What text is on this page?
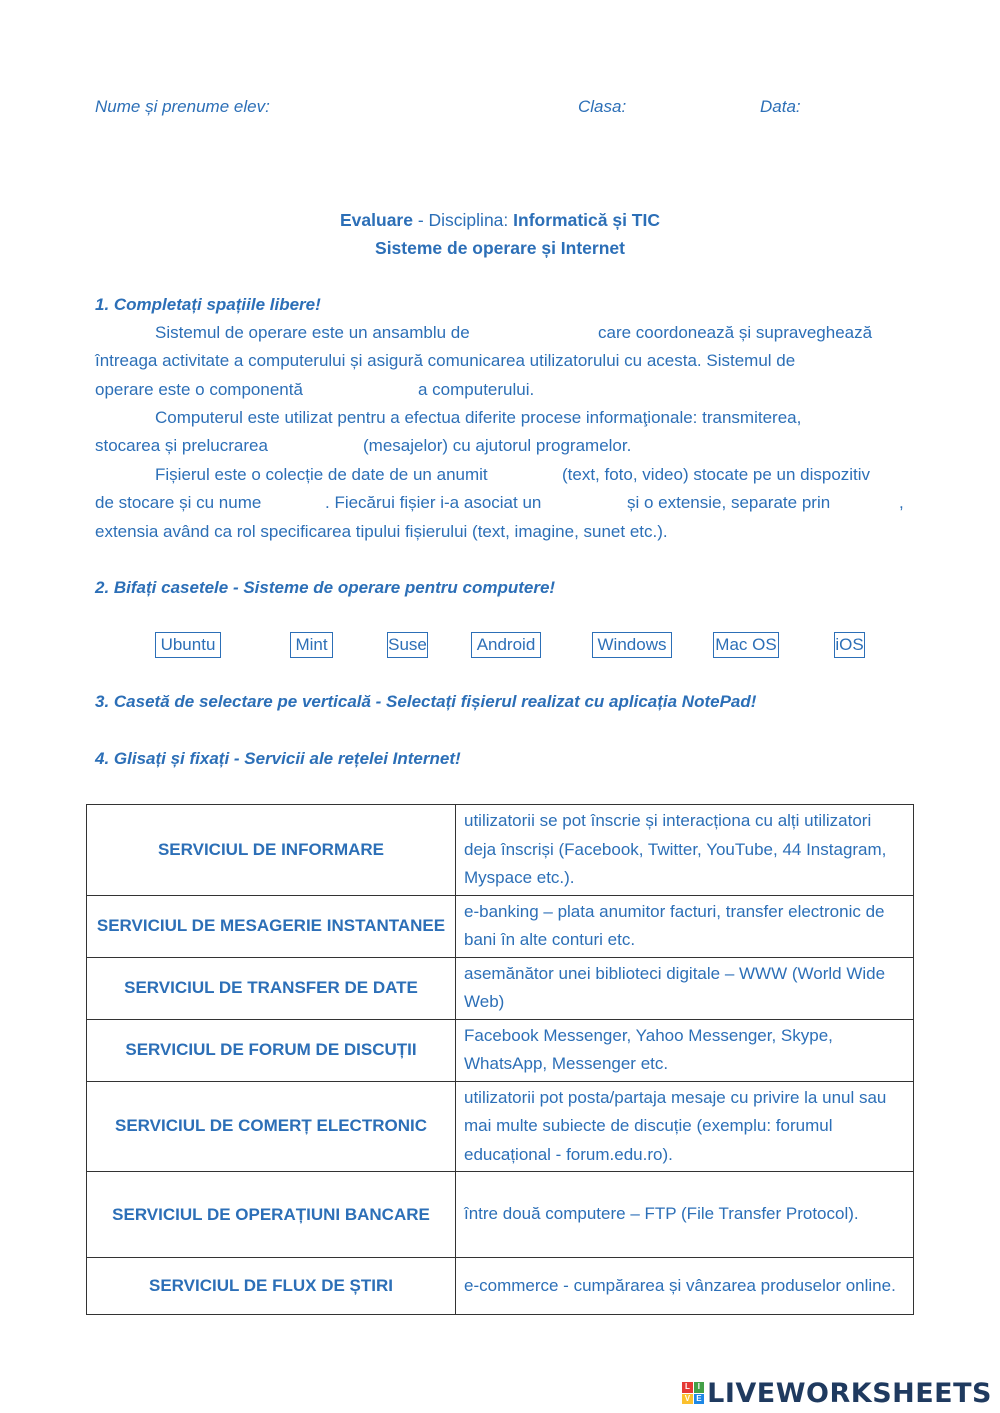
Nume și prenume elev:	Clasa:	Data:
Evaluare - Disciplina: Informatică și TIC
Sisteme de operare și Internet
1. Completați spațiile libere!
Sistemul de operare este un ansamblu de	care coordonează și supraveghează
întreaga activitate a computerului și asigură comunicarea utilizatorului cu acesta. Sistemul de
operare este o componentă	a computerului.
Computerul este utilizat pentru a efectua diferite procese informaţionale: transmiterea,
stocarea și prelucrarea	(mesajelor) cu ajutorul programelor.
Fișierul este o colecție de date de un anumit	(text, foto, video) stocate pe un dispozitiv
de stocare și cu nume	. Fiecărui fișier i-a asociat un	și o extensie, separate prin	,
extensia având ca rol specificarea tipului fișierului (text, imagine, sunet etc.).
2. Bifați casetele - Sisteme de operare pentru computere!
Ubuntu	Mint	Suse	Android	Windows	Mac OS	iOS
3. Casetă de selectare pe verticală - Selectați fișierul realizat cu aplicația NotePad!
4. Glisați și fixați - Servicii ale rețelei Internet!
SERVICIUL DE INFORMARE	utilizatorii se pot înscrie și interacționa cu alți utilizatori deja înscriși (Facebook, Twitter, YouTube, 44 Instagram, Myspace etc.).
SERVICIUL DE MESAGERIE INSTANTANEE	e-banking – plata anumitor facturi, transfer electronic de bani în alte conturi etc.
SERVICIUL DE TRANSFER DE DATE	asemănător unei biblioteci digitale – WWW (World Wide Web)
SERVICIUL DE FORUM DE DISCUȚII	Facebook Messenger, Yahoo Messenger, Skype, WhatsApp, Messenger etc.
SERVICIUL DE COMERȚ ELECTRONIC	utilizatorii pot posta/partaja mesaje cu privire la unul sau mai multe subiecte de discuție (exemplu: forumul educațional - forum.edu.ro).
SERVICIUL DE OPERAȚIUNI BANCARE	între două computere – FTP (File Transfer Protocol).
SERVICIUL DE FLUX DE ȘTIRI	e-commerce - cumpărarea și vânzarea produselor online.
L I
V E LIVEWORKSHEETS
